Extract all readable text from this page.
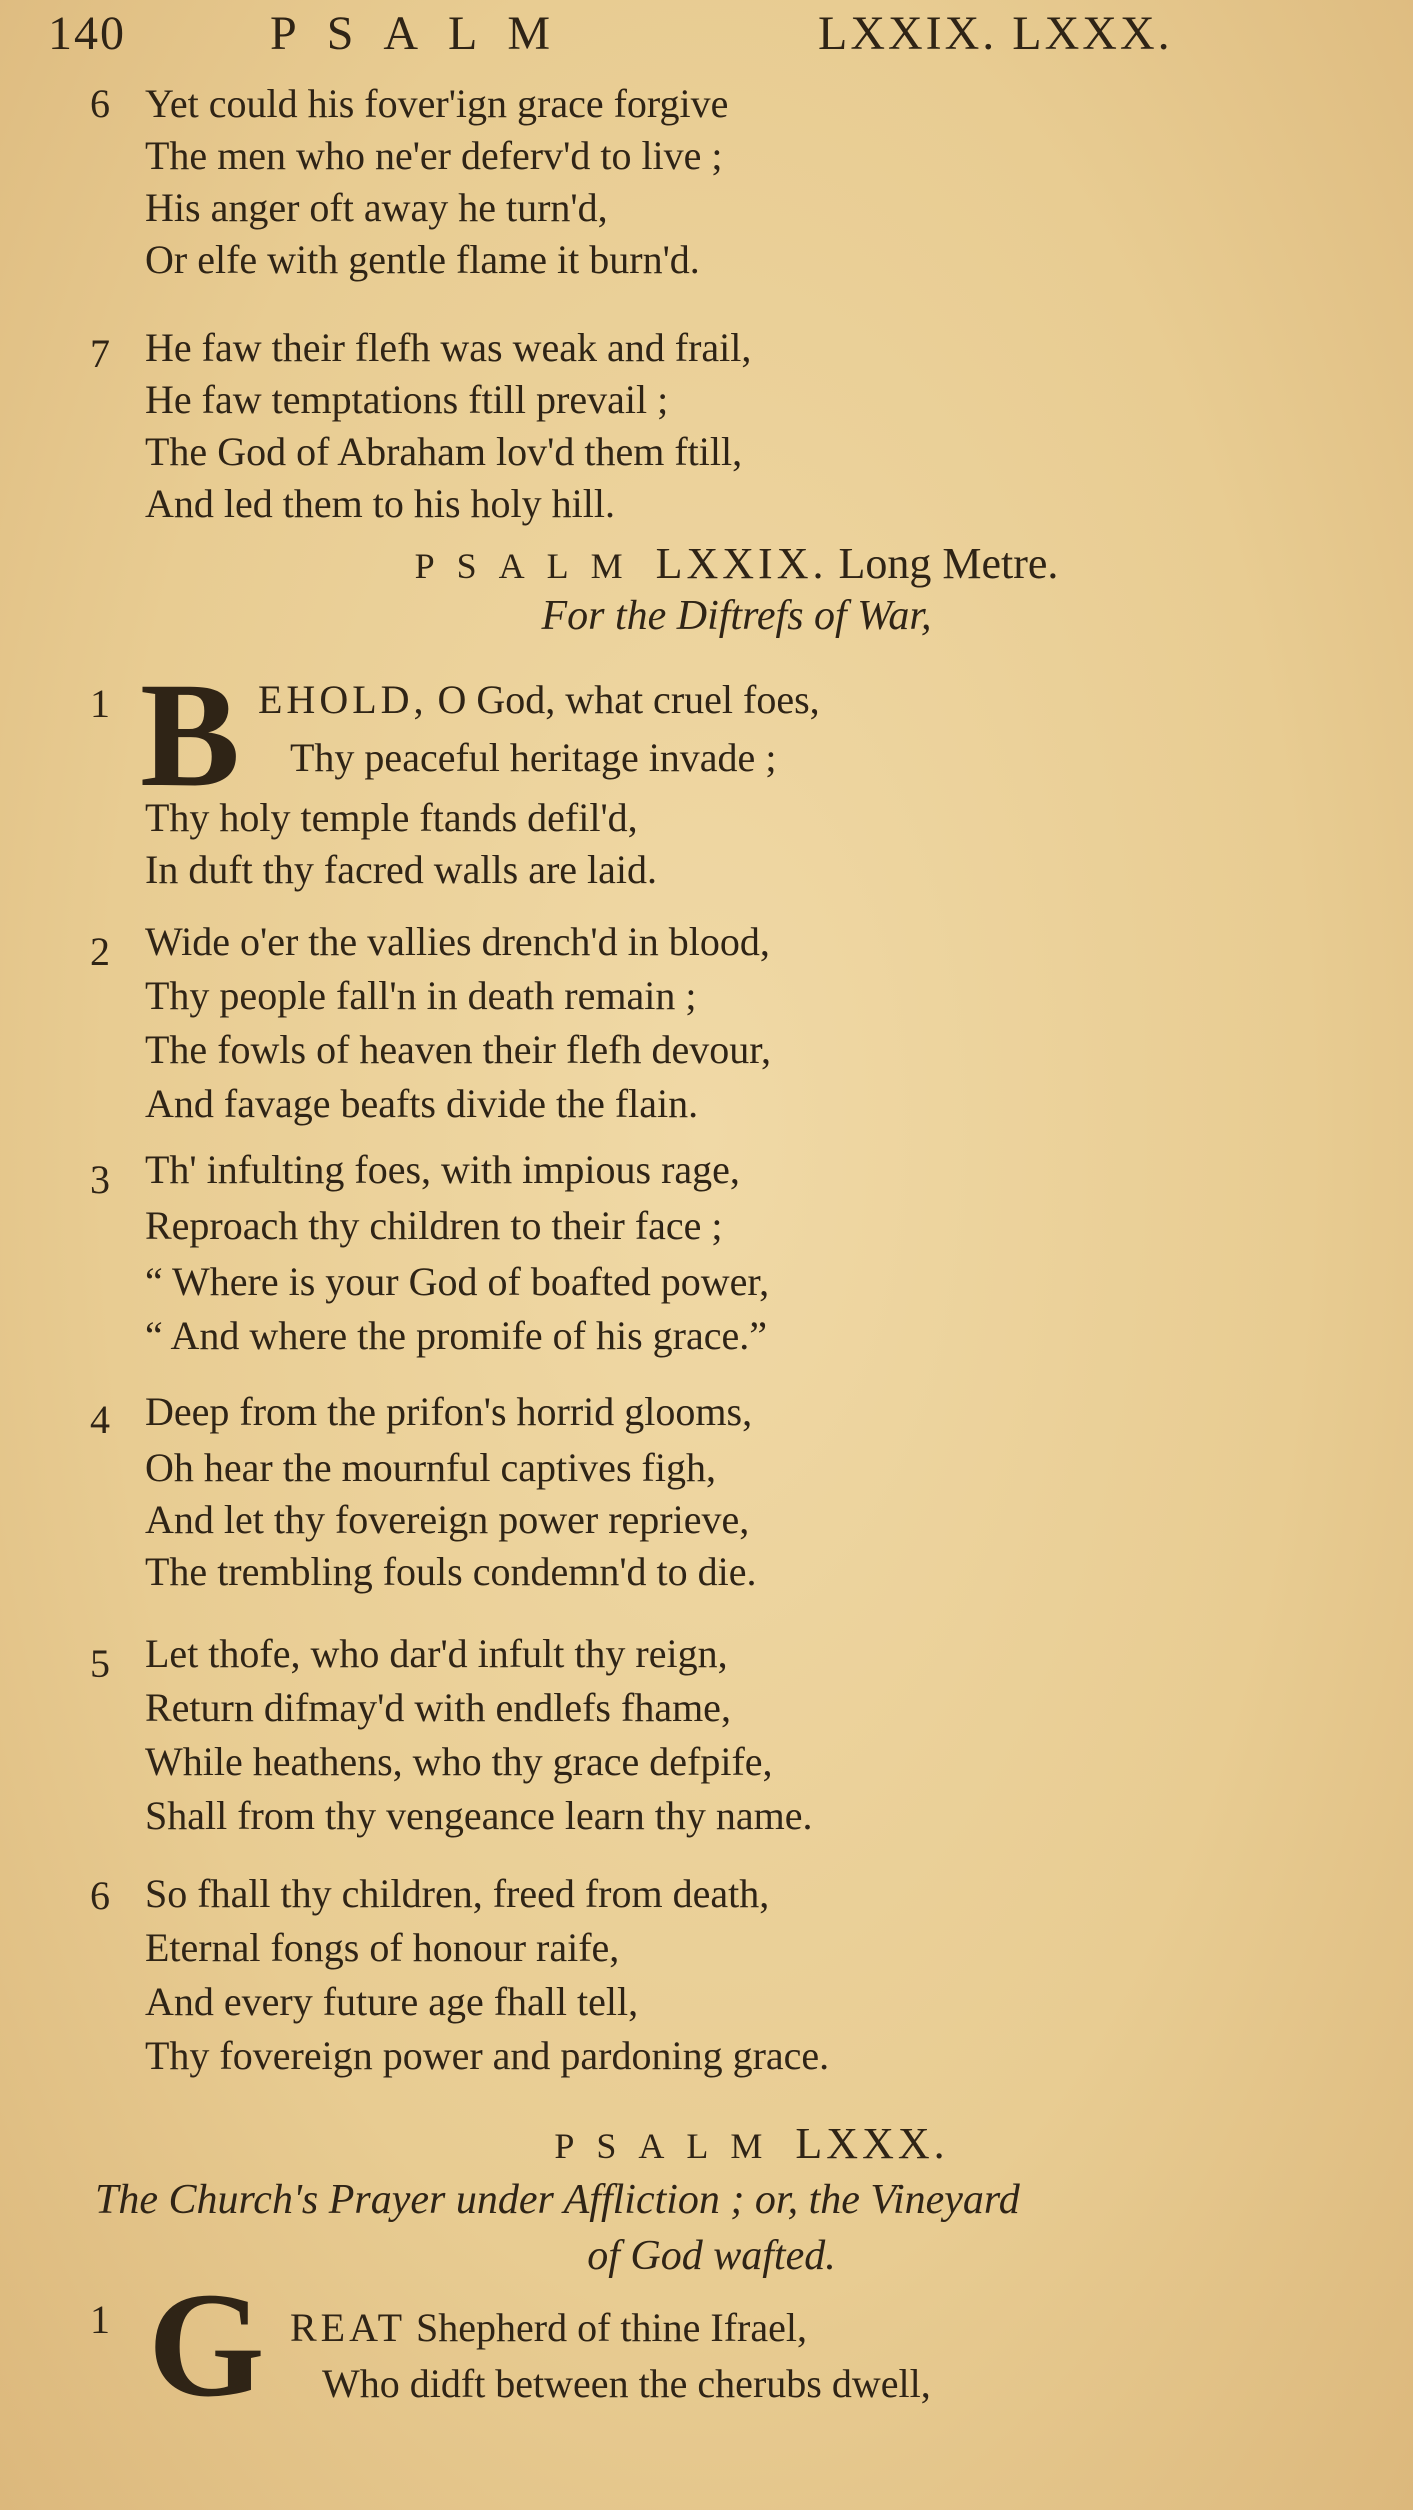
140	PSALM	LXXIX. LXXX.
6 Yet could his fover'ign grace forgive
The men who ne'er deferv'd to live ;
His anger oft away he turn'd,
Or elfe with gentle flame it burn'd.
7 He faw their flefh was weak and frail,
He faw temptations ftill prevail ;
The God of Abraham lov'd them ftill,
And led them to his holy hill.
PSALM LXXIX. Long Metre.
For the Diftrefs of War,
1 B EHOLD, O God, what cruel foes,
Thy peaceful heritage invade ;
Thy holy temple ftands defil'd,
In duft thy facred walls are laid.
2 Wide o'er the vallies drench'd in blood,
Thy people fall'n in death remain ;
The fowls of heaven their flefh devour,
And favage beafts divide the flain.
3 Th' infulting foes, with impious rage,
Reproach thy children to their face ;
“ Where is your God of boafted power,
“ And where the promife of his grace.”
4 Deep from the prifon's horrid glooms,
Oh hear the mournful captives figh,
And let thy fovereign power reprieve,
The trembling fouls condemn'd to die.
5 Let thofe, who dar'd infult thy reign,
Return difmay'd with endlefs fhame,
While heathens, who thy grace defpife,
Shall from thy vengeance learn thy name.
6 So fhall thy children, freed from death,
Eternal fongs of honour raife,
And every future age fhall tell,
Thy fovereign power and pardoning grace.
PSALM LXXX.
The Church's Prayer under Affliction ; or, the Vineyard
of God wafted.
1 G REAT Shepherd of thine Ifrael,
Who didft between the cherubs dwell,
